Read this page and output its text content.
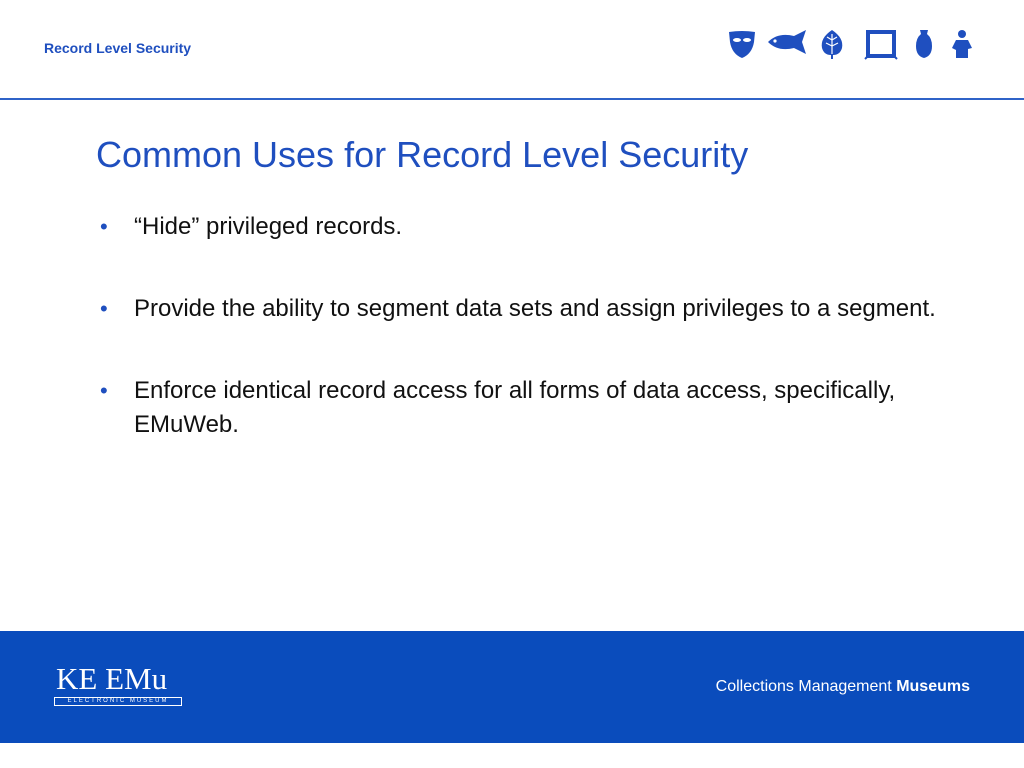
Record Level Security
Common Uses for Record Level Security
• “Hide” privileged records.
• Provide the ability to segment data sets and assign privileges to a segment.
• Enforce identical record access for all forms of data access, specifically, EMuWeb.
KE EMu
ELECTRONIC MUSEUM
Collections Management Museums
